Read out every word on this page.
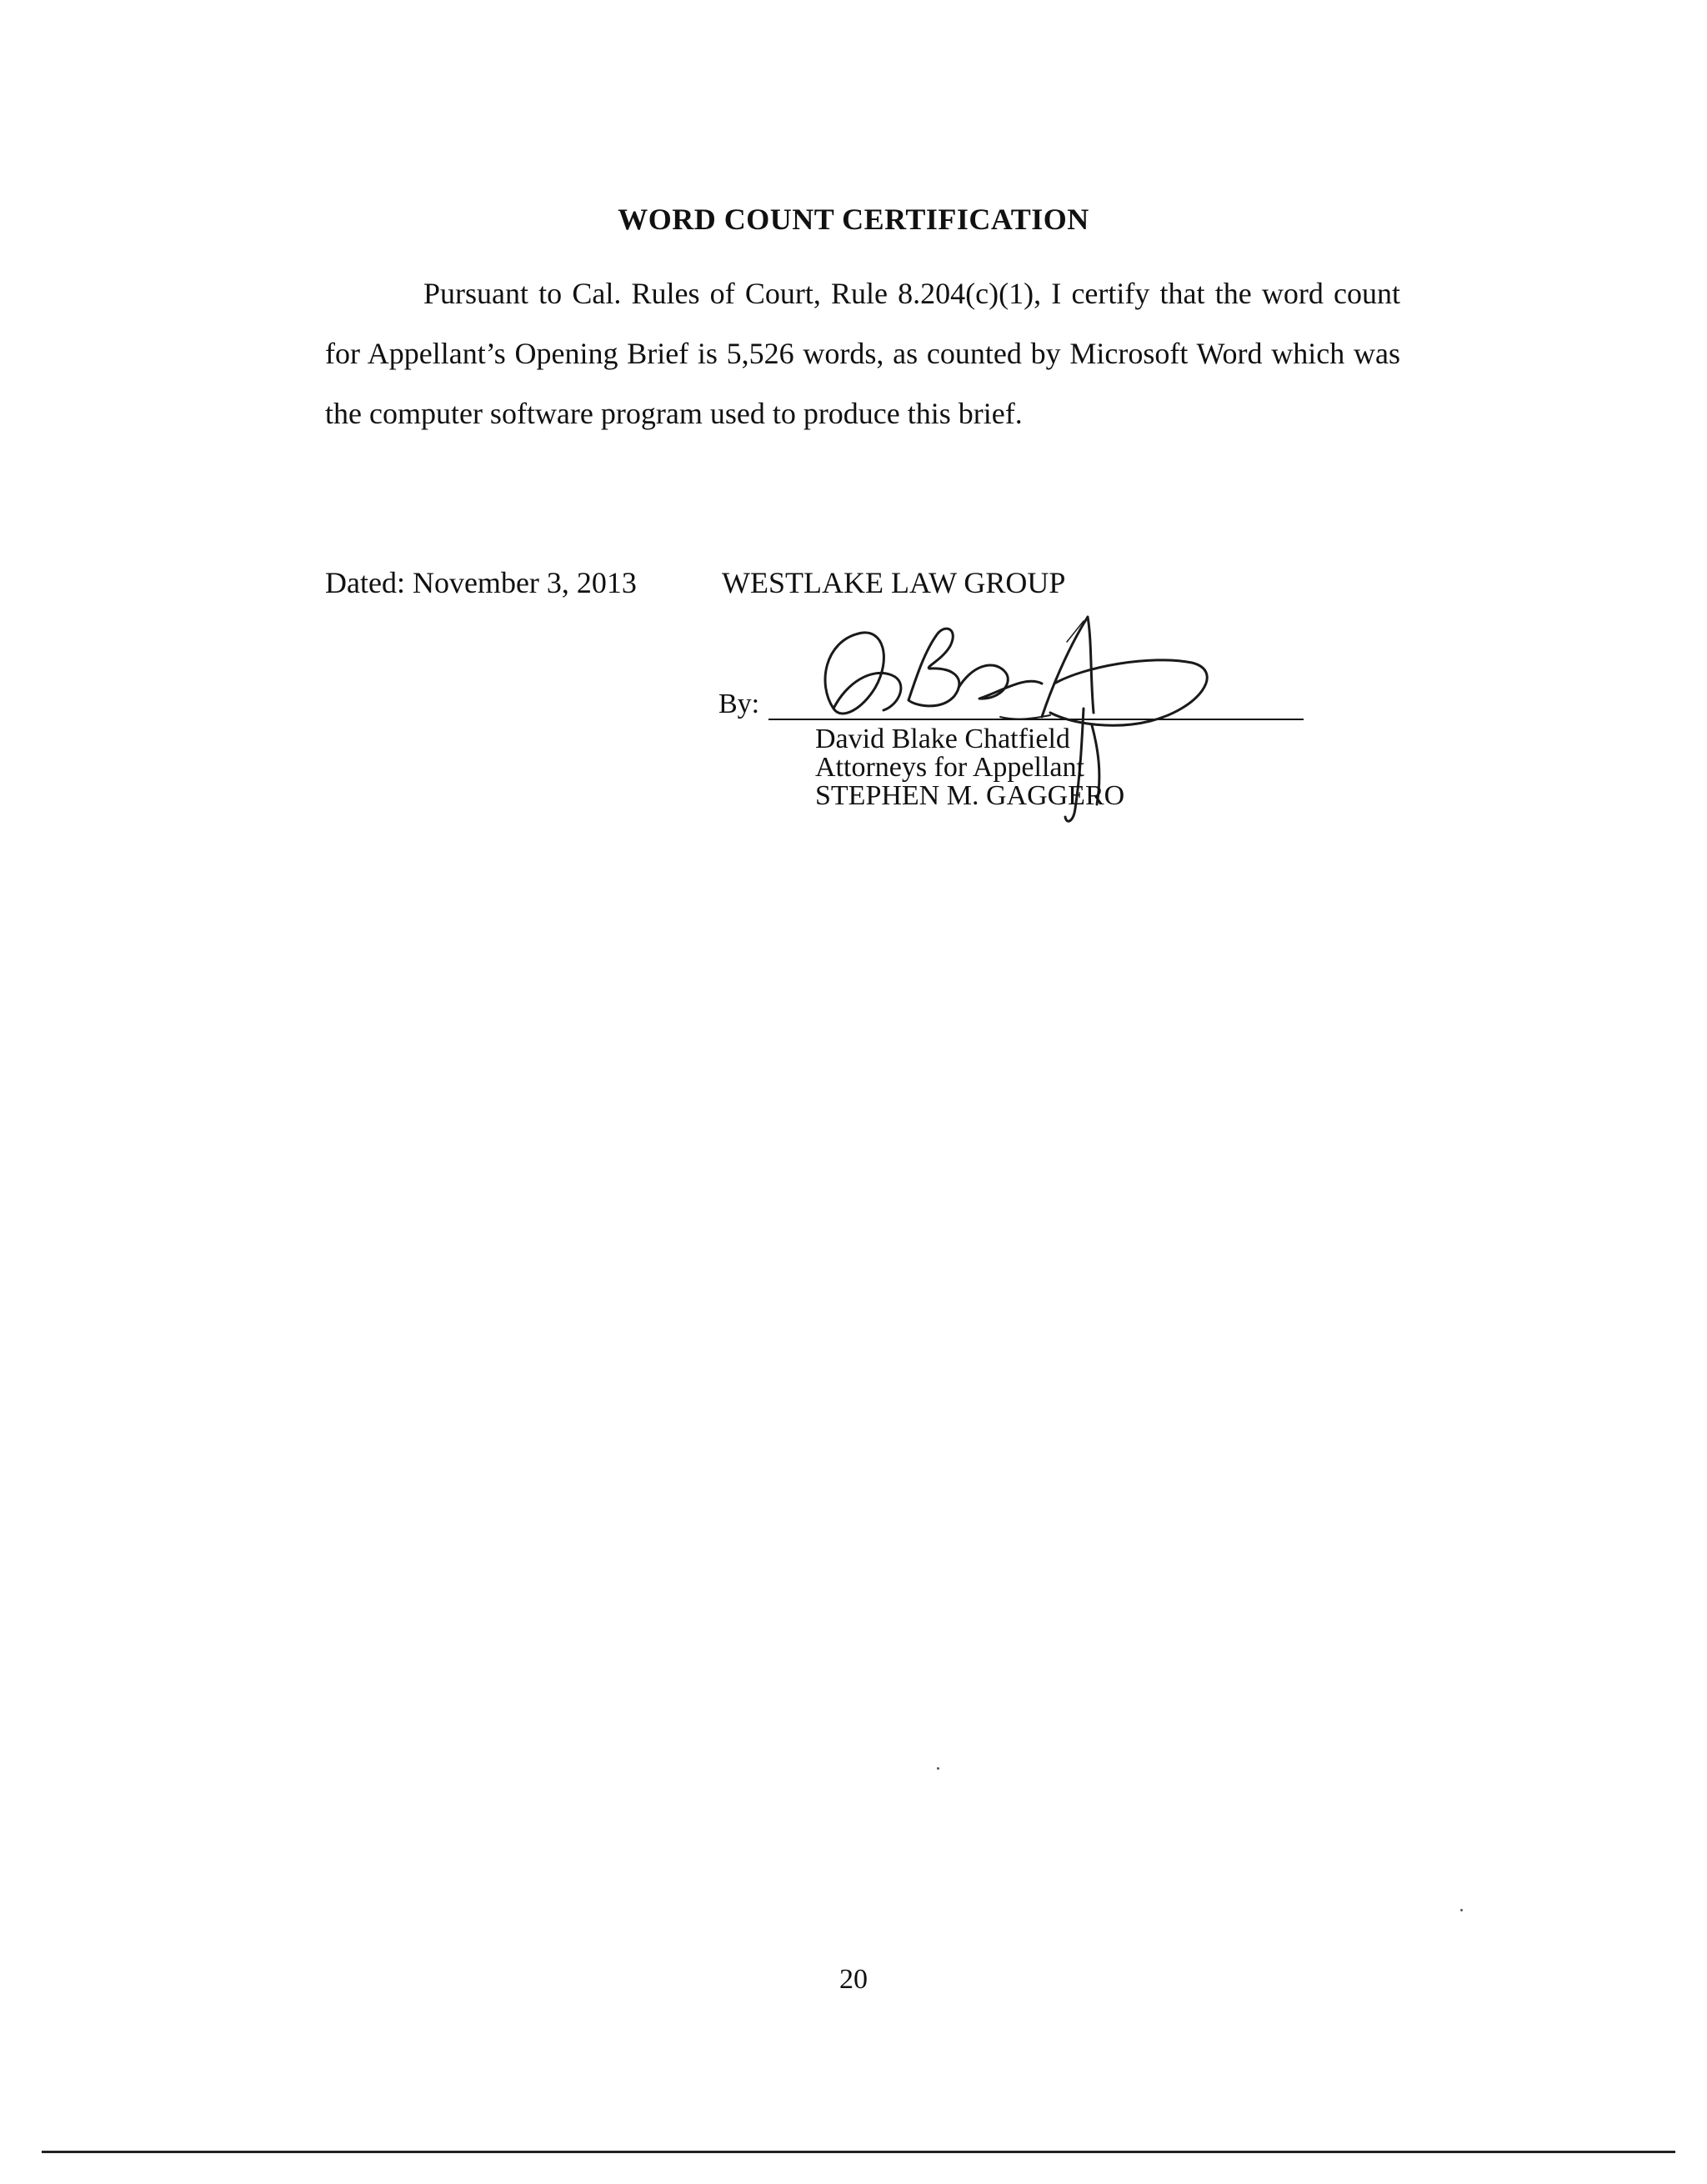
WORD COUNT CERTIFICATION
Pursuant to Cal. Rules of Court, Rule 8.204(c)(1), I certify that the word count for Appellant’s Opening Brief is 5,526 words, as counted by Microsoft Word which was the computer software program used to produce this brief.
Dated: November 3, 2013	WESTLAKE LAW GROUP
By:
David Blake Chatfield
Attorneys for Appellant
STEPHEN M. GAGGERO
20
